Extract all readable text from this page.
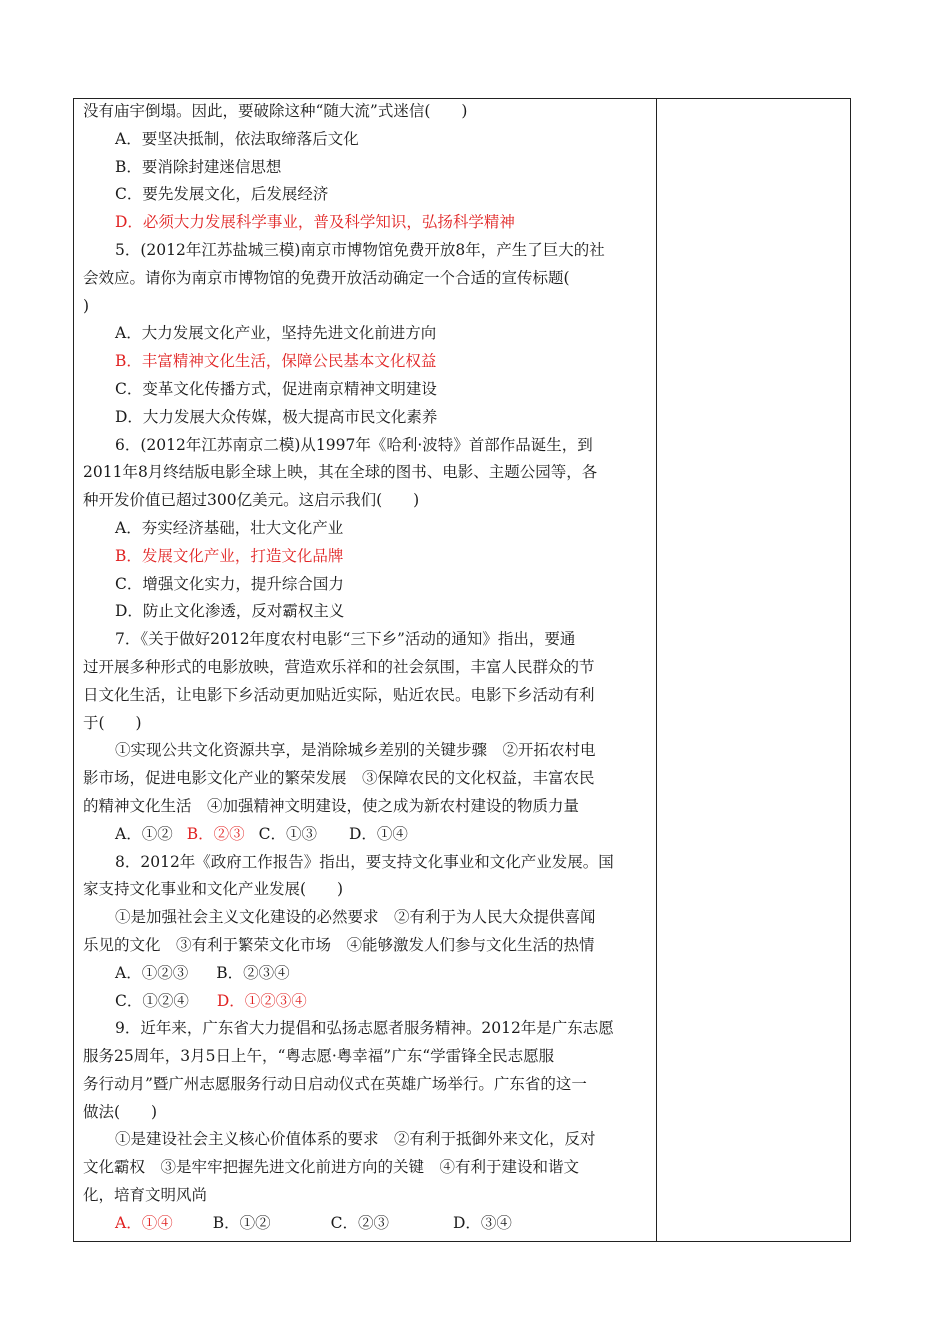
没有庙宇倒塌。因此，要破除这种“随大流”式迷信(　　)
A．要坚决抵制，依法取缔落后文化
B．要消除封建迷信思想
C．要先发展文化，后发展经济
D．必须大力发展科学事业，普及科学知识，弘扬科学精神
5．(2012年江苏盐城三模)南京市博物馆免费开放8年，产生了巨大的社
会效应。请你为南京市博物馆的免费开放活动确定一个合适的宣传标题(
)
A．大力发展文化产业，坚持先进文化前进方向
B．丰富精神文化生活，保障公民基本文化权益
C．变革文化传播方式，促进南京精神文明建设
D．大力发展大众传媒，极大提高市民文化素养
6．(2012年江苏南京二模)从1997年《哈利·波特》首部作品诞生，到
2011年8月终结版电影全球上映，其在全球的图书、电影、主题公园等，各
种开发价值已超过300亿美元。这启示我们(　　)
A．夯实经济基础，壮大文化产业
B．发展文化产业，打造文化品牌
C．增强文化实力，提升综合国力
D．防止文化渗透，反对霸权主义
7．《关于做好2012年度农村电影“三下乡”活动的通知》指出，要通
过开展多种形式的电影放映，营造欢乐祥和的社会氛围，丰富人民群众的节
日文化生活，让电影下乡活动更加贴近实际，贴近农民。电影下乡活动有利
于(　　)
①实现公共文化资源共享，是消除城乡差别的关键步骤　②开拓农村电
影市场，促进电影文化产业的繁荣发展　③保障农民的文化权益，丰富农民
的精神文化生活　④加强精神文明建设，使之成为新农村建设的物质力量
A．①② B．②③ C．①③ D．①④
8．2012年《政府工作报告》指出，要支持文化事业和文化产业发展。国
家支持文化事业和文化产业发展(　　)
①是加强社会主义文化建设的必然要求　②有利于为人民大众提供喜闻
乐见的文化　③有利于繁荣文化市场　④能够激发人们参与文化生活的热情
A．①②③ B．②③④
C．①②④ D．①②③④
9．近年来，广东省大力提倡和弘扬志愿者服务精神。2012年是广东志愿
服务25周年，3月5日上午，“粤志愿·粤幸福”广东“学雷锋全民志愿服
务行动月”暨广州志愿服务行动日启动仪式在英雄广场举行。广东省的这一
做法(　　)
①是建设社会主义核心价值体系的要求　②有利于抵御外来文化，反对
文化霸权　③是牢牢把握先进文化前进方向的关键　④有利于建设和谐文
化，培育文明风尚
A．①④	B．①②	C．②③	D．③④
